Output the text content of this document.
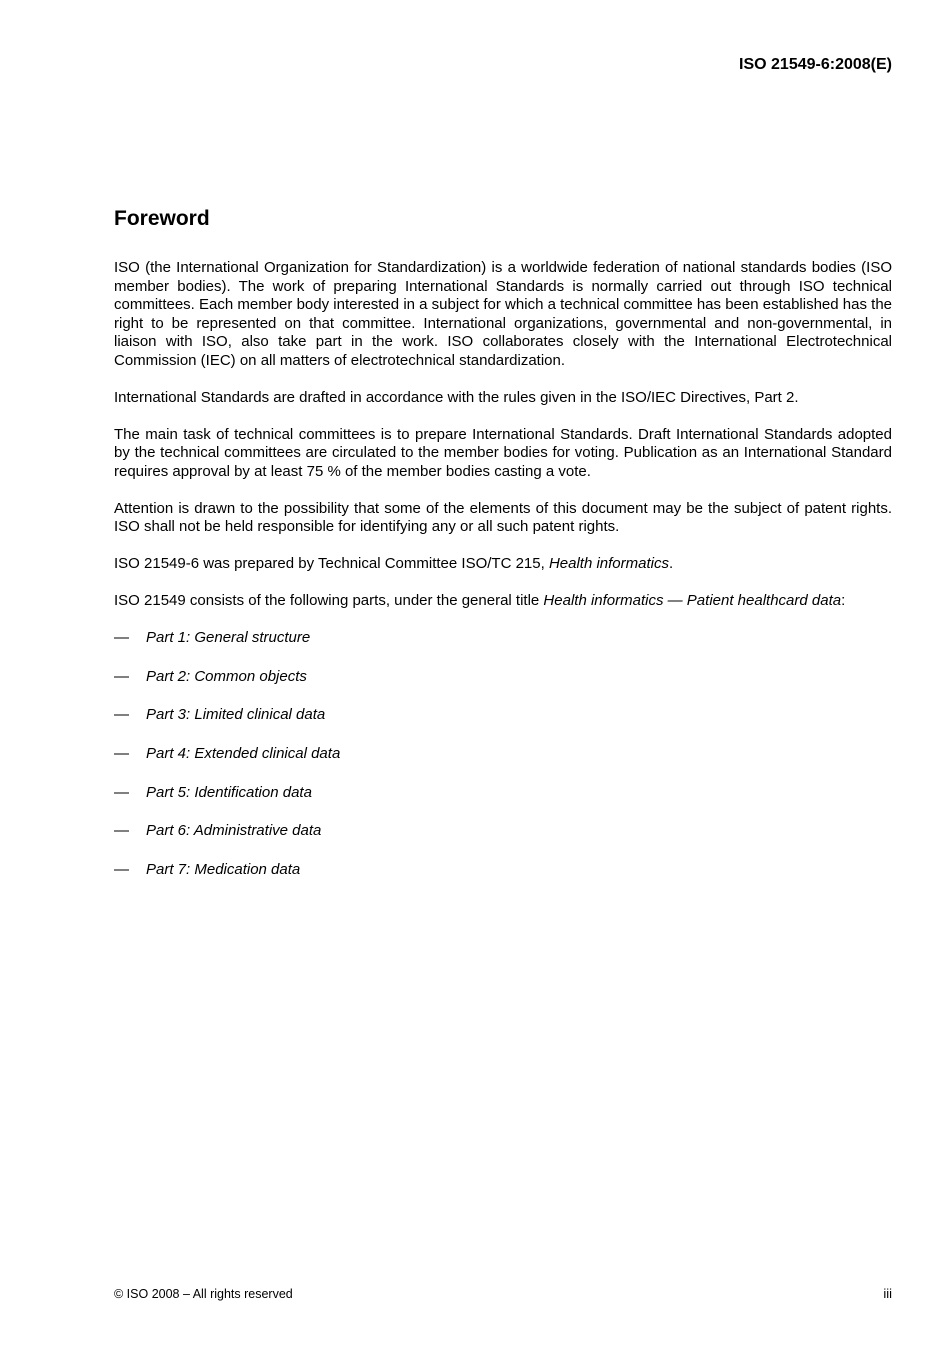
ISO 21549-6:2008(E)
Foreword

ISO (the International Organization for Standardization) is a worldwide federation of national standards bodies (ISO member bodies). The work of preparing International Standards is normally carried out through ISO technical committees. Each member body interested in a subject for which a technical committee has been established has the right to be represented on that committee. International organizations, governmental and non-governmental, in liaison with ISO, also take part in the work. ISO collaborates closely with the International Electrotechnical Commission (IEC) on all matters of electrotechnical standardization.

International Standards are drafted in accordance with the rules given in the ISO/IEC Directives, Part 2.

The main task of technical committees is to prepare International Standards. Draft International Standards adopted by the technical committees are circulated to the member bodies for voting. Publication as an International Standard requires approval by at least 75 % of the member bodies casting a vote.

Attention is drawn to the possibility that some of the elements of this document may be the subject of patent rights. ISO shall not be held responsible for identifying any or all such patent rights.

ISO 21549-6 was prepared by Technical Committee ISO/TC 215, Health informatics.

ISO 21549 consists of the following parts, under the general title Health informatics — Patient healthcard data:

— Part 1: General structure
— Part 2: Common objects
— Part 3: Limited clinical data
— Part 4: Extended clinical data
— Part 5: Identification data
— Part 6: Administrative data
— Part 7: Medication data
© ISO 2008 – All rights reserved	iii
